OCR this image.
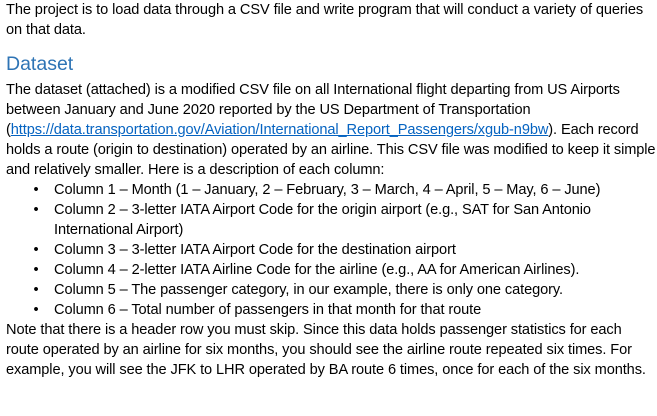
The project is to load data through a CSV file and write program that will conduct a variety of queries on that data.

Dataset

The dataset (attached) is a modified CSV file on all International flight departing from US Airports between January and June 2020 reported by the US Department of Transportation (https://data.transportation.gov/Aviation/International_Report_Passengers/xgub-n9bw). Each record holds a route (origin to destination) operated by an airline. This CSV file was modified to keep it simple and relatively smaller. Here is a description of each column:

• Column 1 – Month (1 – January, 2 – February, 3 – March, 4 – April, 5 – May, 6 – June)
• Column 2 – 3-letter IATA Airport Code for the origin airport (e.g., SAT for San Antonio International Airport)
• Column 3 – 3-letter IATA Airport Code for the destination airport
• Column 4 – 2-letter IATA Airline Code for the airline (e.g., AA for American Airlines).
• Column 5 – The passenger category, in our example, there is only one category.
• Column 6 – Total number of passengers in that month for that route

Note that there is a header row you must skip. Since this data holds passenger statistics for each route operated by an airline for six months, you should see the airline route repeated six times. For example, you will see the JFK to LHR operated by BA route 6 times, once for each of the six months.
